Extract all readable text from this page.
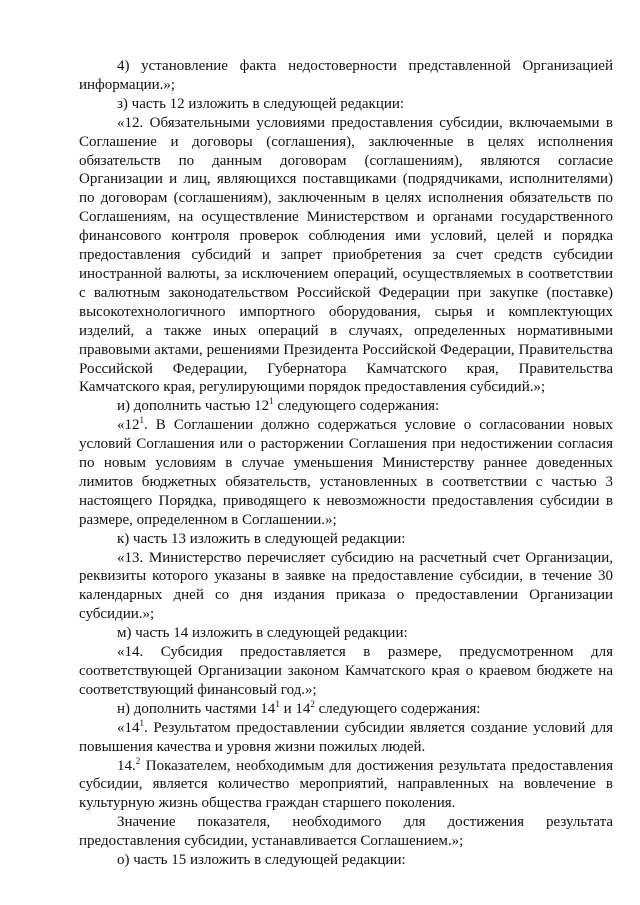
4) установление факта недостоверности представленной Организацией информации.»;

з) часть 12 изложить в следующей редакции:

«12. Обязательными условиями предоставления субсидии, включаемыми в Соглашение и договоры (соглашения), заключенные в целях исполнения обязательств по данным договорам (соглашениям), являются согласие Организации и лиц, являющихся поставщиками (подрядчиками, исполнителями) по договорам (соглашениям), заключенным в целях исполнения обязательств по Соглашениям, на осуществление Министерством и органами государственного финансового контроля проверок соблюдения ими условий, целей и порядка предоставления субсидий и запрет приобретения за счет средств субсидии иностранной валюты, за исключением операций, осуществляемых в соответствии с валютным законодательством Российской Федерации при закупке (поставке) высокотехнологичного импортного оборудования, сырья и комплектующих изделий, а также иных операций в случаях, определенных нормативными правовыми актами, решениями Президента Российской Федерации, Правительства Российской Федерации, Губернатора Камчатского края, Правительства Камчатского края, регулирующими порядок предоставления субсидий.»;

и) дополнить частью $12^1$ следующего содержания:

«$12^1$. В Соглашении должно содержаться условие о согласовании новых условий Соглашения или о расторжении Соглашения при недостижении согласия по новым условиям в случае уменьшения Министерству раннее доведенных лимитов бюджетных обязательств, установленных в соответствии с частью 3 настоящего Порядка, приводящего к невозможности предоставления субсидии в размере, определенном в Соглашении.»;

к) часть 13 изложить в следующей редакции:

«13. Министерство перечисляет субсидию на расчетный счет Организации, реквизиты которого указаны в заявке на предоставление субсидии, в течение 30 календарных дней со дня издания приказа о предоставлении Организации субсидии.»;

м) часть 14 изложить в следующей редакции:

«14. Субсидия предоставляется в размере, предусмотренном для соответствующей Организации законом Камчатского края о краевом бюджете на соответствующий финансовый год.»;

н) дополнить частями $14^1$ и $14^2$ следующего содержания:

«$14^1$. Результатом предоставлении субсидии является создание условий для повышения качества и уровня жизни пожилых людей.

14.$^2$ Показателем, необходимым для достижения результата предоставления субсидии, является количество мероприятий, направленных на вовлечение в культурную жизнь общества граждан старшего поколения.

Значение показателя, необходимого для достижения результата предоставления субсидии, устанавливается Соглашением.»;

о) часть 15 изложить в следующей редакции:
